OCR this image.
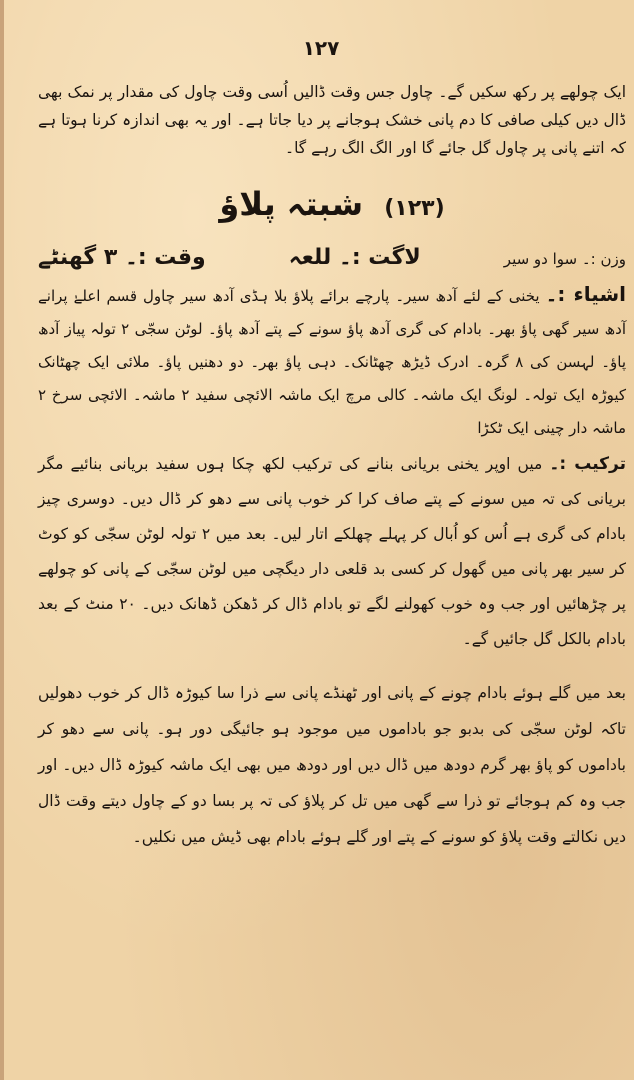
۱۲۷

ایک چولھے پر رکھ سکیں گے۔ چاول جس وقت ڈالیں اُسی وقت چاول کی مقدار پر نمک بھی ڈال دیں کیلی صافی کا دم پانی خشک ہوجانے پر دیا جاتا ہے۔ اور یہ بھی اندازہ کرنا ہوتا ہے کہ اتنے پانی پر چاول گل جائے گا اور الگ الگ رہے گا۔

(۱۲۳) شبتہ پلاؤ
وزن :۔ سوا دو سیر
لاگت :۔ للعہ
وقت :۔ ۳ گھنٹے

اشیاء :۔ یخنی کے لئے آدھ سیر۔ پارچے برائے پلاؤ بلا ہڈی آدھ سیر چاول قسم اعلےٰ پرانے آدھ سیر گھی پاؤ بھر۔ بادام کی گری آدھ پاؤ سونے کے پتے آدھ پاؤ۔ لوٹن سجّی ۲ تولہ پیاز آدھ پاؤ۔ لہسن کی ۸ گرہ۔ ادرک ڈیڑھ چھٹانک۔ دہی پاؤ بھر۔ دو دھنیں پاؤ۔ ملائی ایک چھٹانک کیوڑہ ایک تولہ۔ لونگ ایک ماشہ۔ کالی مرچ ایک ماشہ الائچی سفید ۲ ماشہ۔ الائچی سرخ ۲ ماشہ دار چینی ایک ٹکڑا

ترکیب :۔ میں اوپر یخنی بریانی بنانے کی ترکیب لکھ چکا ہوں سفید بریانی بنائیے مگر بریانی کی تہ میں سونے کے پتے صاف کرا کر خوب پانی سے دھو کر ڈال دیں۔ دوسری چیز بادام کی گری ہے اُس کو اُبال کر پہلے چھلکے اتار لیں۔ بعد میں ۲ تولہ لوٹن سجّی کو کوٹ کر سیر بھر پانی میں گھول کر کسی بد قلعی دار دیگچی میں لوٹن سجّی کے پانی کو چولھے پر چڑھائیں اور جب وہ خوب کھولنے لگے تو بادام ڈال کر ڈھکن ڈھانک دیں۔ ۲۰ منٹ کے بعد بادام بالکل گل جائیں گے۔

بعد میں گلے ہوئے بادام چونے کے پانی اور ٹھنڈے پانی سے ذرا سا کیوڑہ ڈال کر خوب دھولیں تاکہ لوٹن سجّی کی بدبو جو باداموں میں موجود ہو جائیگی دور ہو۔ پانی سے دھو کر باداموں کو پاؤ بھر گرم دودھ میں ڈال دیں اور دودھ میں بھی ایک ماشہ کیوڑہ ڈال دیں۔ اور جب وہ کم ہوجائے تو ذرا سے گھی میں تل کر پلاؤ کی تہ پر بسا دو کے چاول دیتے وقت ڈال دیں نکالتے وقت پلاؤ کو سونے کے پتے اور گلے ہوئے بادام بھی ڈیش میں نکلیں۔
